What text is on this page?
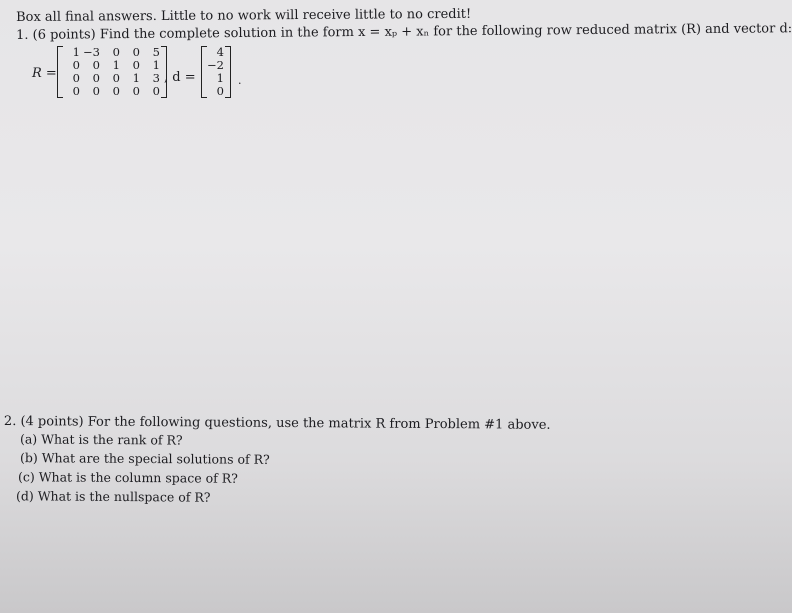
Box all final answers. Little to no work will receive little to no credit!
1. (6 points) Find the complete solution in the form x = xₚ + xₙ for the following row reduced matrix (R) and vector d:
R =
1 −3	0	0	5
0	0	1	0	1
0	0	0	1	3
0	0	0	0	0
, d =
4
−2
1
0
.
2. (4 points) For the following questions, use the matrix R from Problem #1 above.
(a) What is the rank of R?
(b) What are the special solutions of R?
(c) What is the column space of R?
(d) What is the nullspace of R?
